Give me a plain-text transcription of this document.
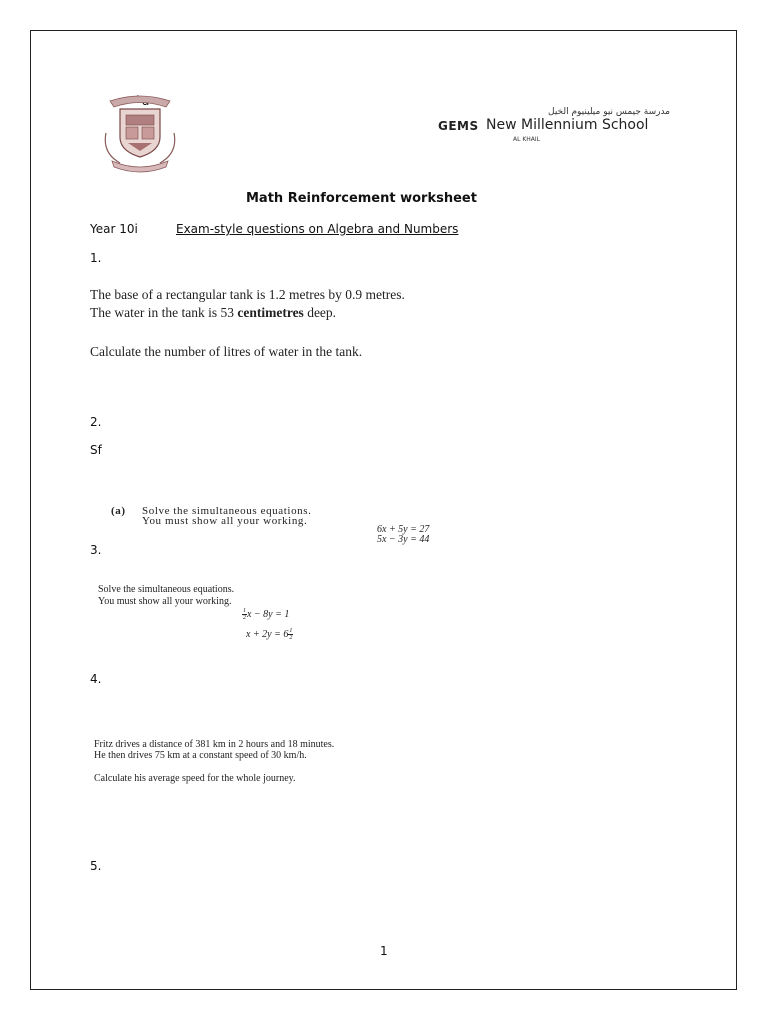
مدرسة جيمس نيو ميلينيوم الخيل
GEMS New Millennium School
AL KHAIL
Math Reinforcement worksheet
Year 10i	Exam-style questions on Algebra and Numbers
1.
The base of a rectangular tank is 1.2 metres by 0.9 metres.
The water in the tank is 53 centimetres deep.
Calculate the number of litres of water in the tank.
2.
Sf
(a) Solve the simultaneous equations.
You must show all your working.
6x + 5y = 27
5x − 3y = 44
3.
Solve the simultaneous equations.
You must show all your working.
$\frac{1}{2}$ x − 8y = 1
$x + 2y = 6 \frac{1}{2}$
4.
Fritz drives a distance of 381 km in 2 hours and 18 minutes.
He then drives 75 km at a constant speed of 30 km/h.
Calculate his average speed for the whole journey.
5.
1
